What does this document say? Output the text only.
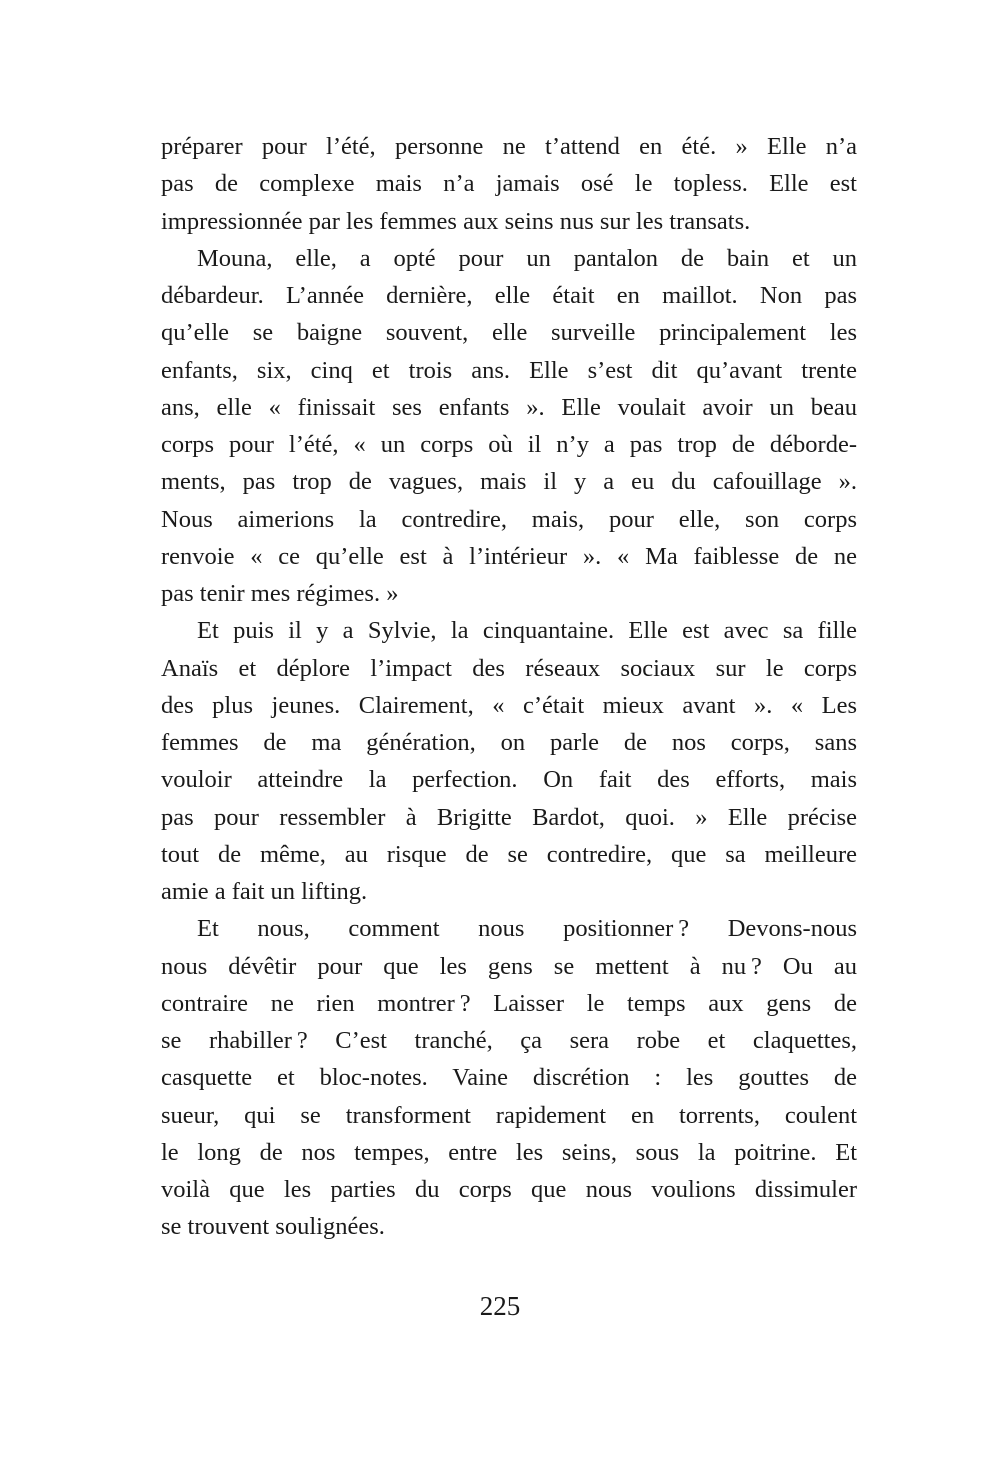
préparer pour l’été, personne ne t’attend en été. » Elle n’a
pas de complexe mais n’a jamais osé le topless. Elle est
impressionnée par les femmes aux seins nus sur les transats.
Mouna, elle, a opté pour un pantalon de bain et un
débardeur. L’année dernière, elle était en maillot. Non pas
qu’elle se baigne souvent, elle surveille principalement les
enfants, six, cinq et trois ans. Elle s’est dit qu’avant trente
ans, elle « finissait ses enfants ». Elle voulait avoir un beau
corps pour l’été, « un corps où il n’y a pas trop de déborde-
ments, pas trop de vagues, mais il y a eu du cafouillage ».
Nous aimerions la contredire, mais, pour elle, son corps
renvoie « ce qu’elle est à l’intérieur ». « Ma faiblesse de ne
pas tenir mes régimes. »
Et puis il y a Sylvie, la cinquantaine. Elle est avec sa fille
Anaïs et déplore l’impact des réseaux sociaux sur le corps
des plus jeunes. Clairement, « c’était mieux avant ». « Les
femmes de ma génération, on parle de nos corps, sans
vouloir atteindre la perfection. On fait des efforts, mais
pas pour ressembler à Brigitte Bardot, quoi. » Elle précise
tout de même, au risque de se contredire, que sa meilleure
amie a fait un lifting.
Et nous, comment nous positionner ? Devons-nous
nous dévêtir pour que les gens se mettent à nu ? Ou au
contraire ne rien montrer ? Laisser le temps aux gens de
se rhabiller ? C’est tranché, ça sera robe et claquettes,
casquette et bloc-notes. Vaine discrétion : les gouttes de
sueur, qui se transforment rapidement en torrents, coulent
le long de nos tempes, entre les seins, sous la poitrine. Et
voilà que les parties du corps que nous voulions dissimuler
se trouvent soulignées.
225
